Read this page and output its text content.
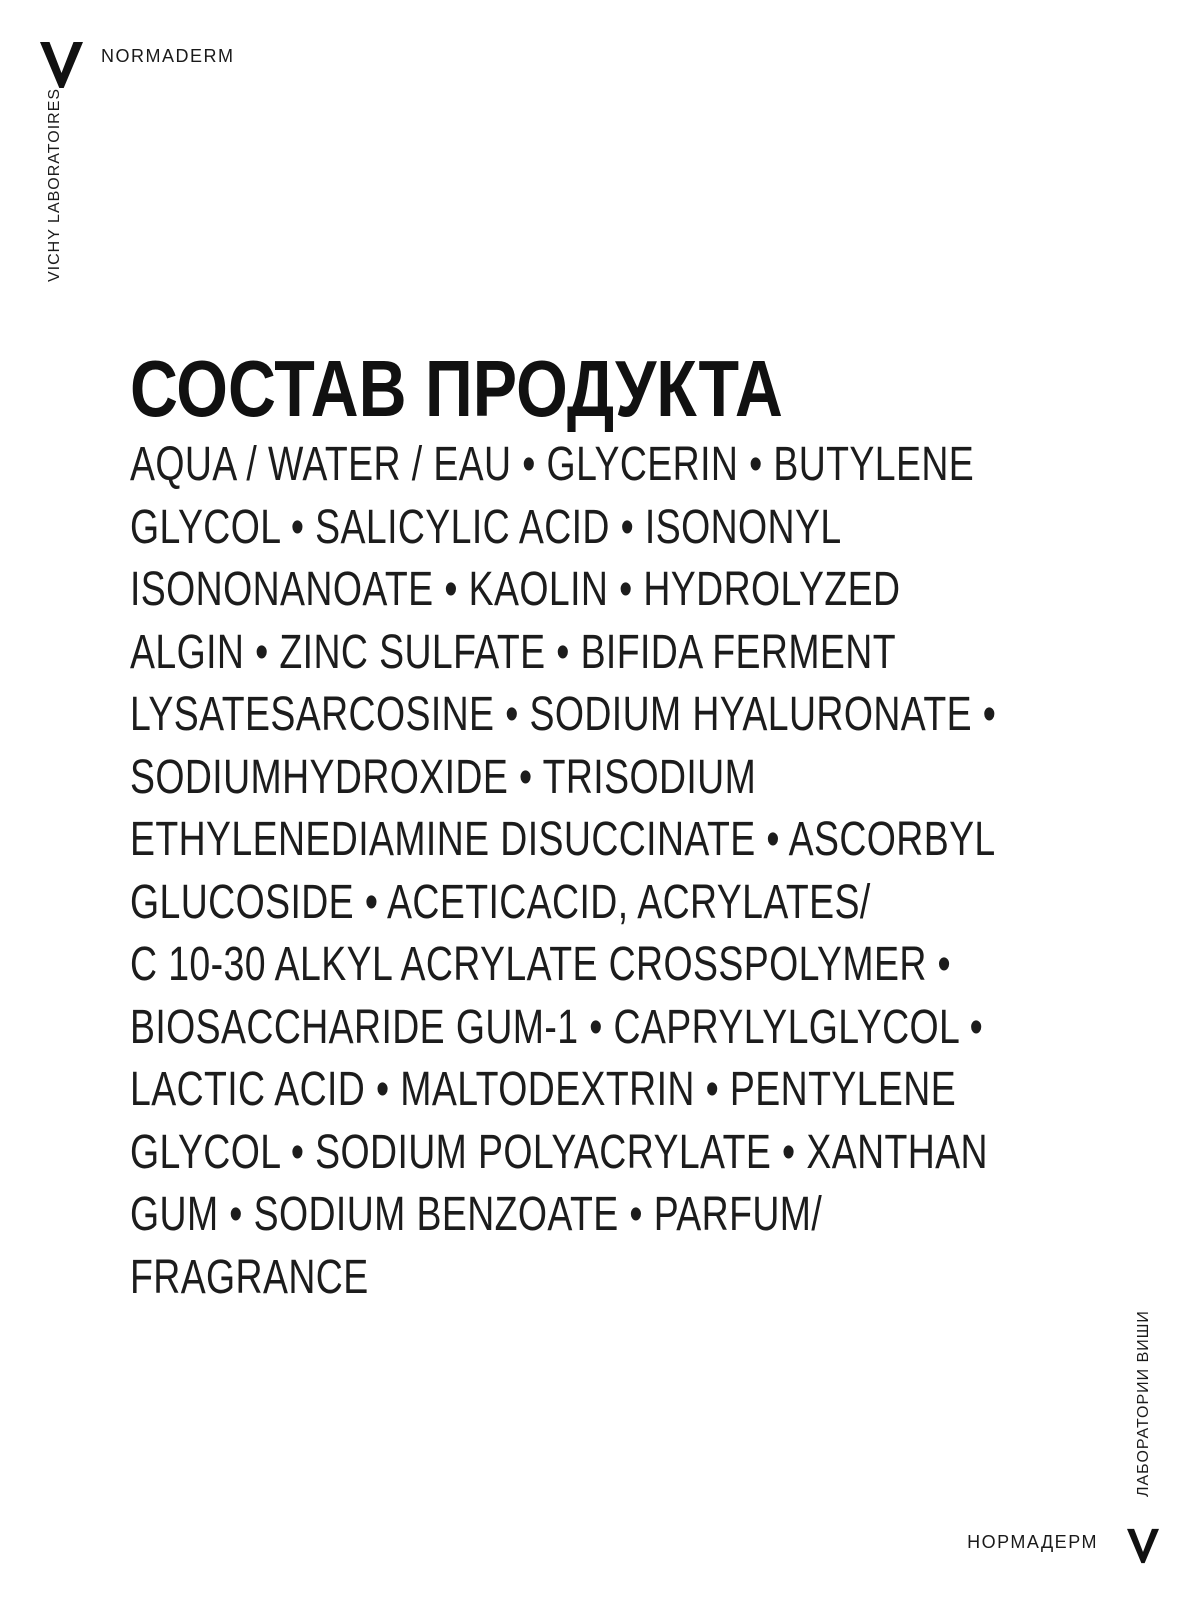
NORMADERM
VICHY LABORATOIRES
СОСТАВ ПРОДУКТА
AQUA / WATER / EAU • GLYCERIN • BUTYLENE
GLYCOL • SALICYLIC ACID • ISONONYL
ISONONANOATE • KAOLIN • HYDROLYZED
ALGIN • ZINC SULFATE • BIFIDA FERMENT
LYSATESARCOSINE • SODIUM HYALURONATE •
SODIUMHYDROXIDE • TRISODIUM
ETHYLENEDIAMINE DISUCCINATE • ASCORBYL
GLUCOSIDE • ACETICACID, ACRYLATES/
C 10-30 ALKYL ACRYLATE CROSSPOLYMER •
BIOSACCHARIDE GUM-1 • CAPRYLYLGLYCOL •
LACTIC ACID • MALTODEXTRIN • PENTYLENE
GLYCOL • SODIUM POLYACRYLATE • XANTHAN
GUM • SODIUM BENZOATE • PARFUM/
FRAGRANCE
ЛАБОРАТОРИИ ВИШИ
НОРМАДЕРМ
